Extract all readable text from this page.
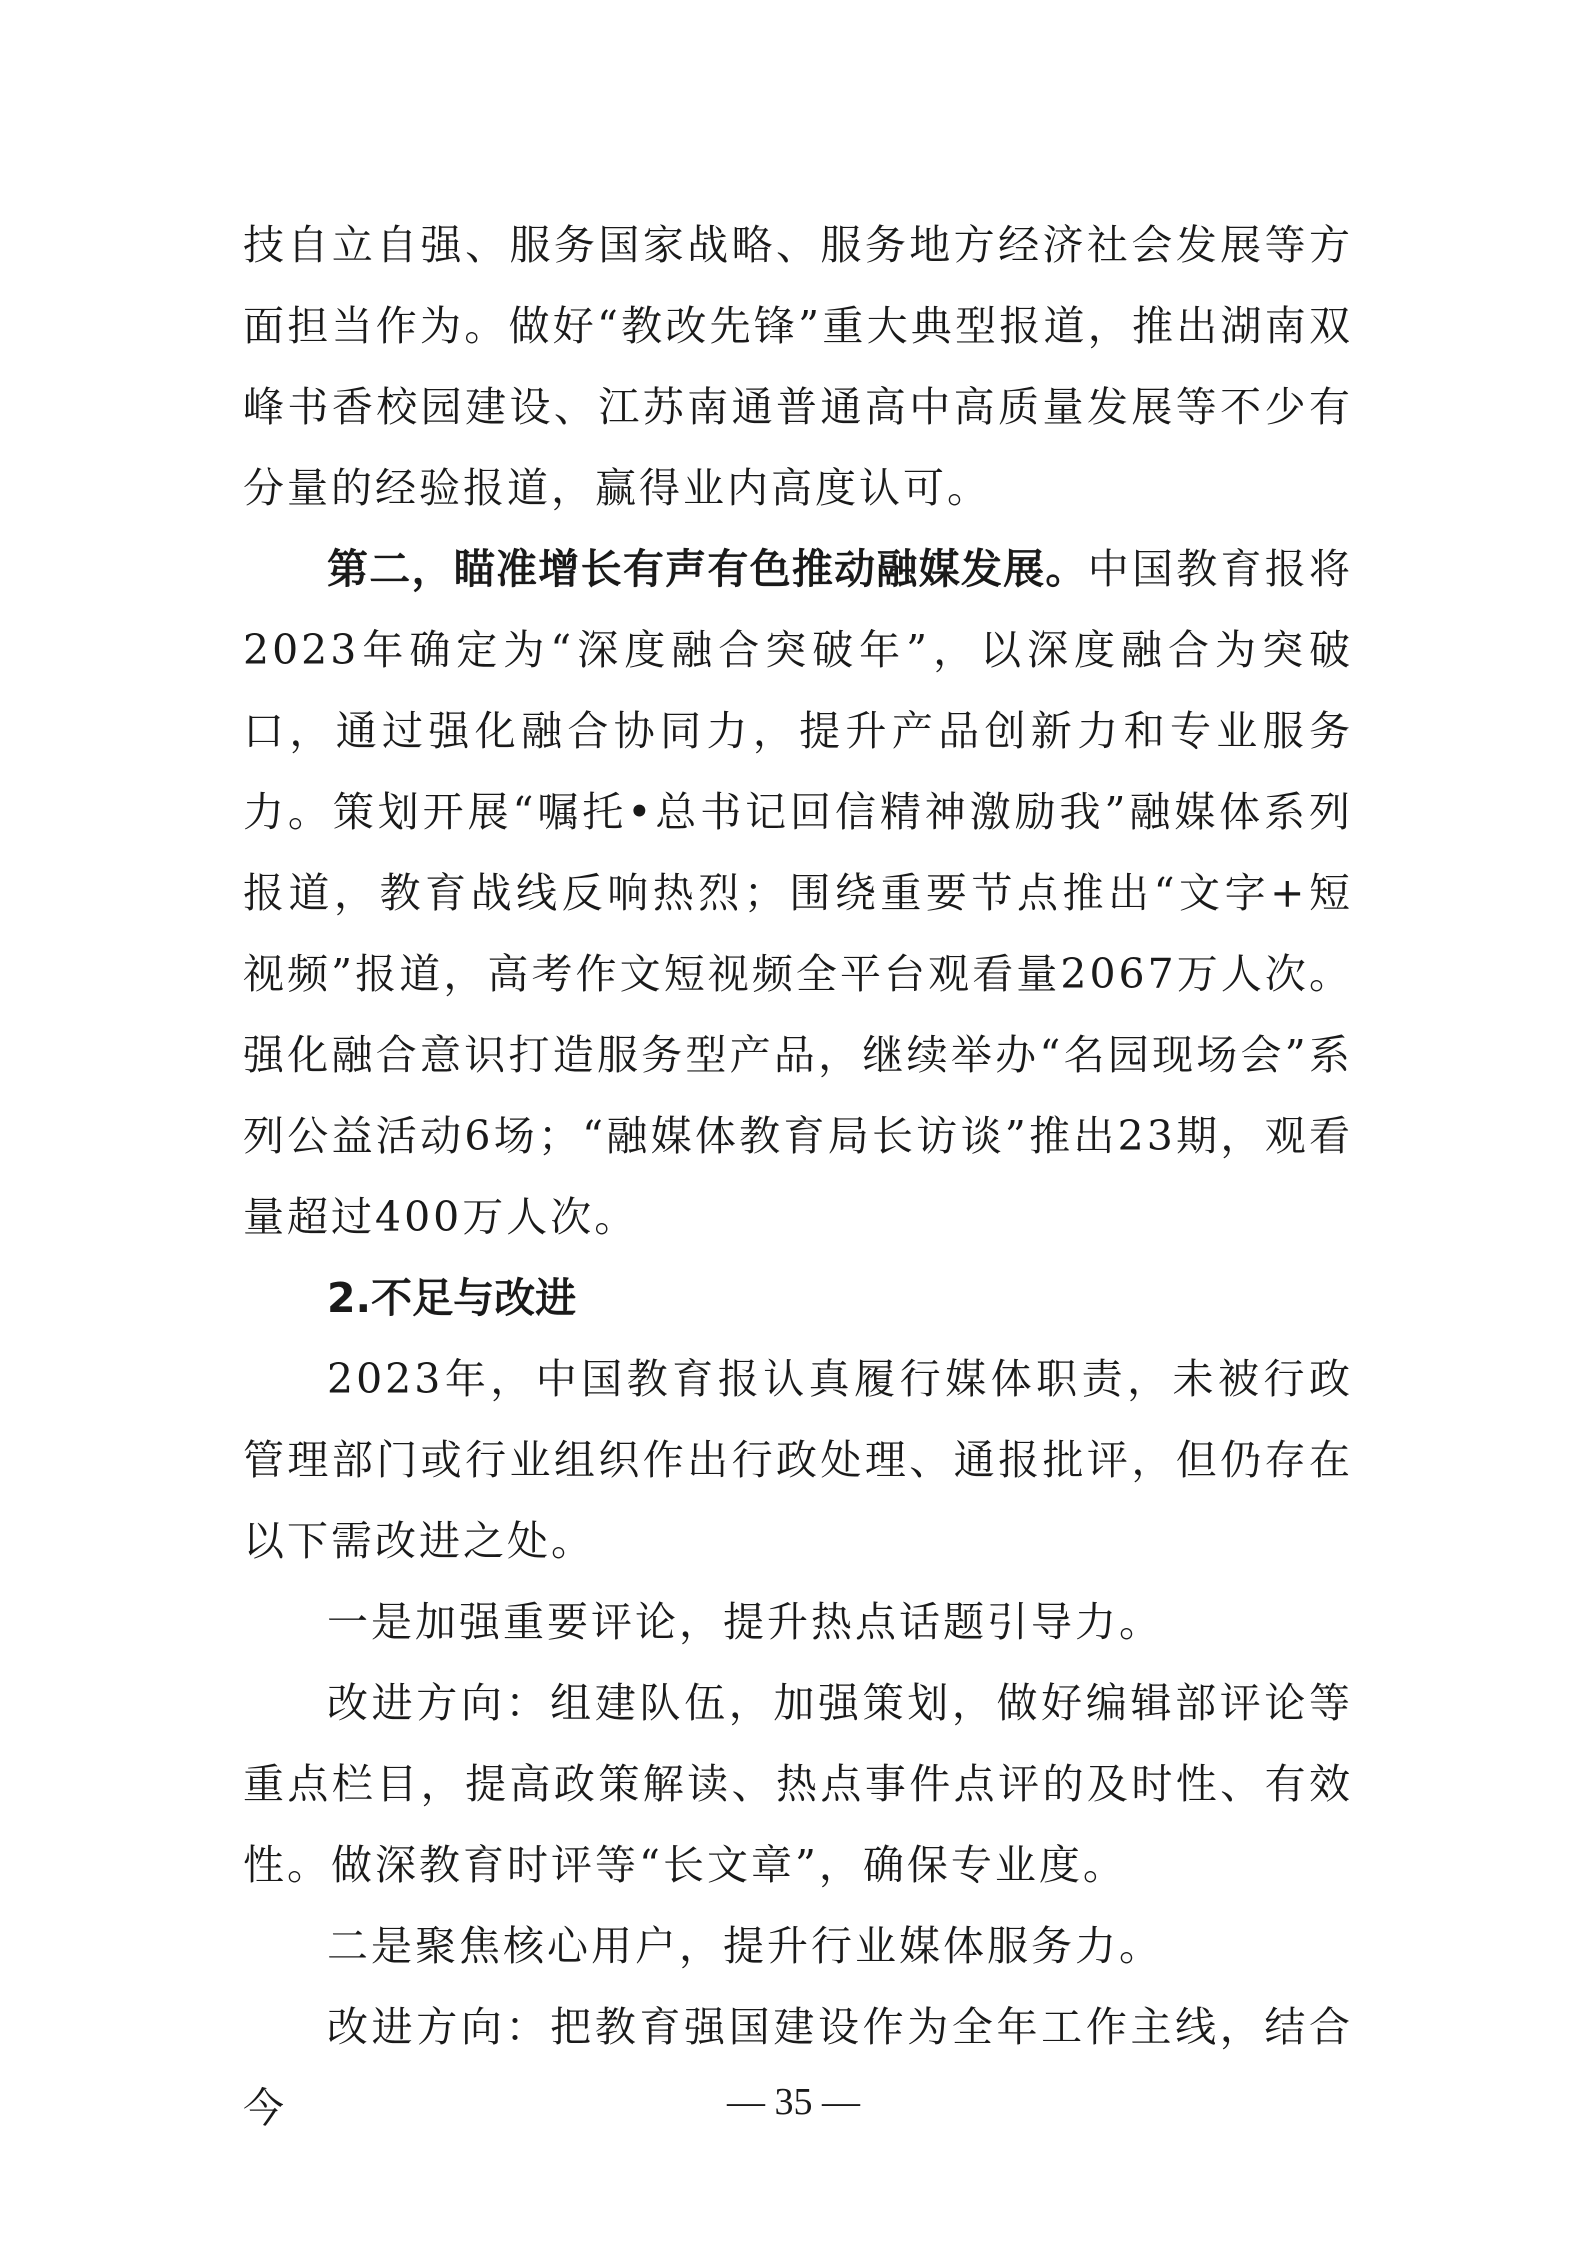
技自立自强、服务国家战略、服务地方经济社会发展等方面担当作为。做好“教改先锋”重大典型报道，推出湖南双峰书香校园建设、江苏南通普通高中高质量发展等不少有分量的经验报道，赢得业内高度认可。

第二，瞄准增长有声有色推动融媒发展。中国教育报将2023年确定为“深度融合突破年”，以深度融合为突破口，通过强化融合协同力，提升产品创新力和专业服务力。策划开展“嘱托•总书记回信精神激励我”融媒体系列报道，教育战线反响热烈；围绕重要节点推出“文字+短视频”报道，高考作文短视频全平台观看量2067万人次。强化融合意识打造服务型产品，继续举办“名园现场会”系列公益活动6场；“融媒体教育局长访谈”推出23期，观看量超过400万人次。

2.不足与改进

2023年，中国教育报认真履行媒体职责，未被行政管理部门或行业组织作出行政处理、通报批评，但仍存在以下需改进之处。

一是加强重要评论，提升热点话题引导力。

改进方向：组建队伍，加强策划，做好编辑部评论等重点栏目，提高政策解读、热点事件点评的及时性、有效性。做深教育时评等“长文章”，确保专业度。

二是聚焦核心用户，提升行业媒体服务力。

改进方向：把教育强国建设作为全年工作主线，结合今	— 35 —
